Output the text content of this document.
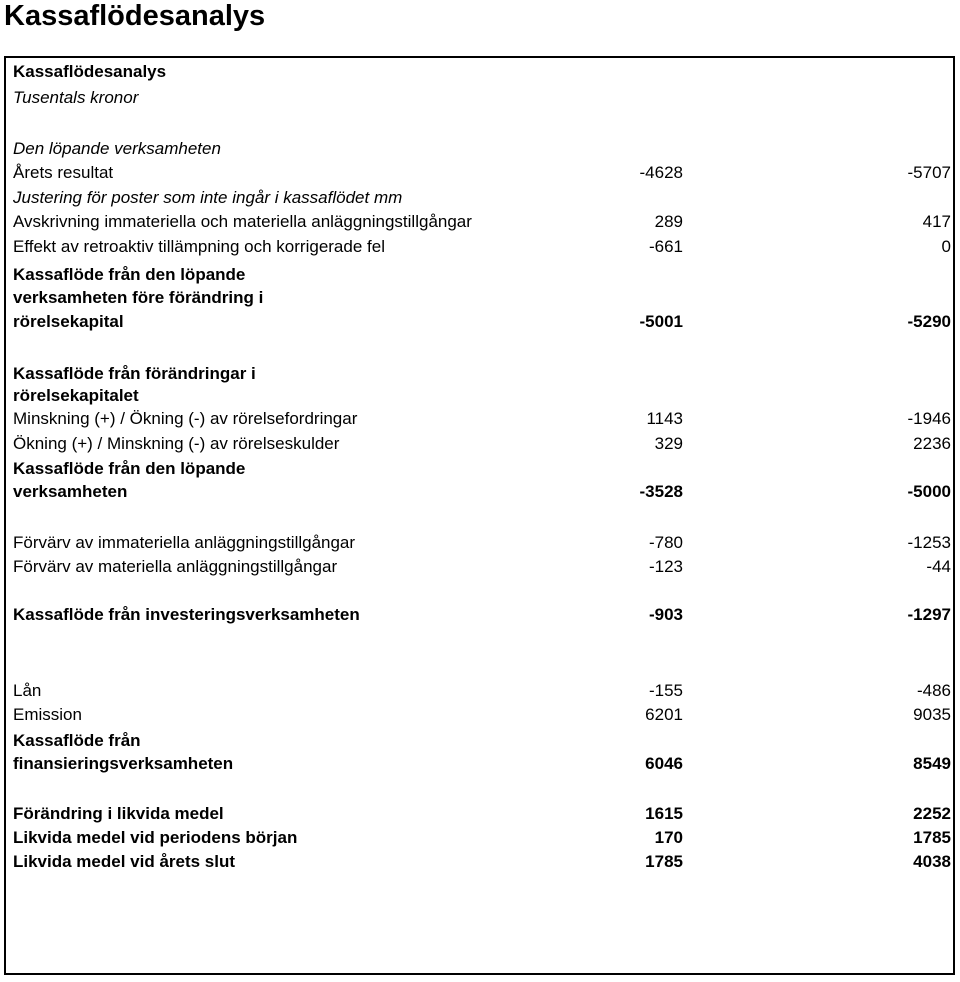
Kassaflödesanalys
Kassaflödesanalys
Tusentals kronor
Den löpande verksamheten
Årets resultat	-4628	-5707
Justering för poster som inte ingår i kassaflödet mm
Avskrivning immateriella och materiella anläggningstillgångar	289	417
Effekt av retroaktiv tillämpning och korrigerade fel	-661	0
Kassaflöde från den löpande
verksamheten före förändring i
rörelsekapital	-5001	-5290
Kassaflöde från förändringar i
rörelsekapitalet
Minskning (+) / Ökning (-) av rörelsefordringar	1143	-1946
Ökning (+) / Minskning (-) av rörelseskulder	329	2236
Kassaflöde från den löpande
verksamheten	-3528	-5000
Förvärv av immateriella anläggningstillgångar	-780	-1253
Förvärv av materiella anläggningstillgångar	-123	-44
Kassaflöde från investeringsverksamheten	-903	-1297
Lån	-155	-486
Emission	6201	9035
Kassaflöde från
finansieringsverksamheten	6046	8549
Förändring i likvida medel	1615	2252
Likvida medel vid periodens början	170	1785
Likvida medel vid årets slut	1785	4038
